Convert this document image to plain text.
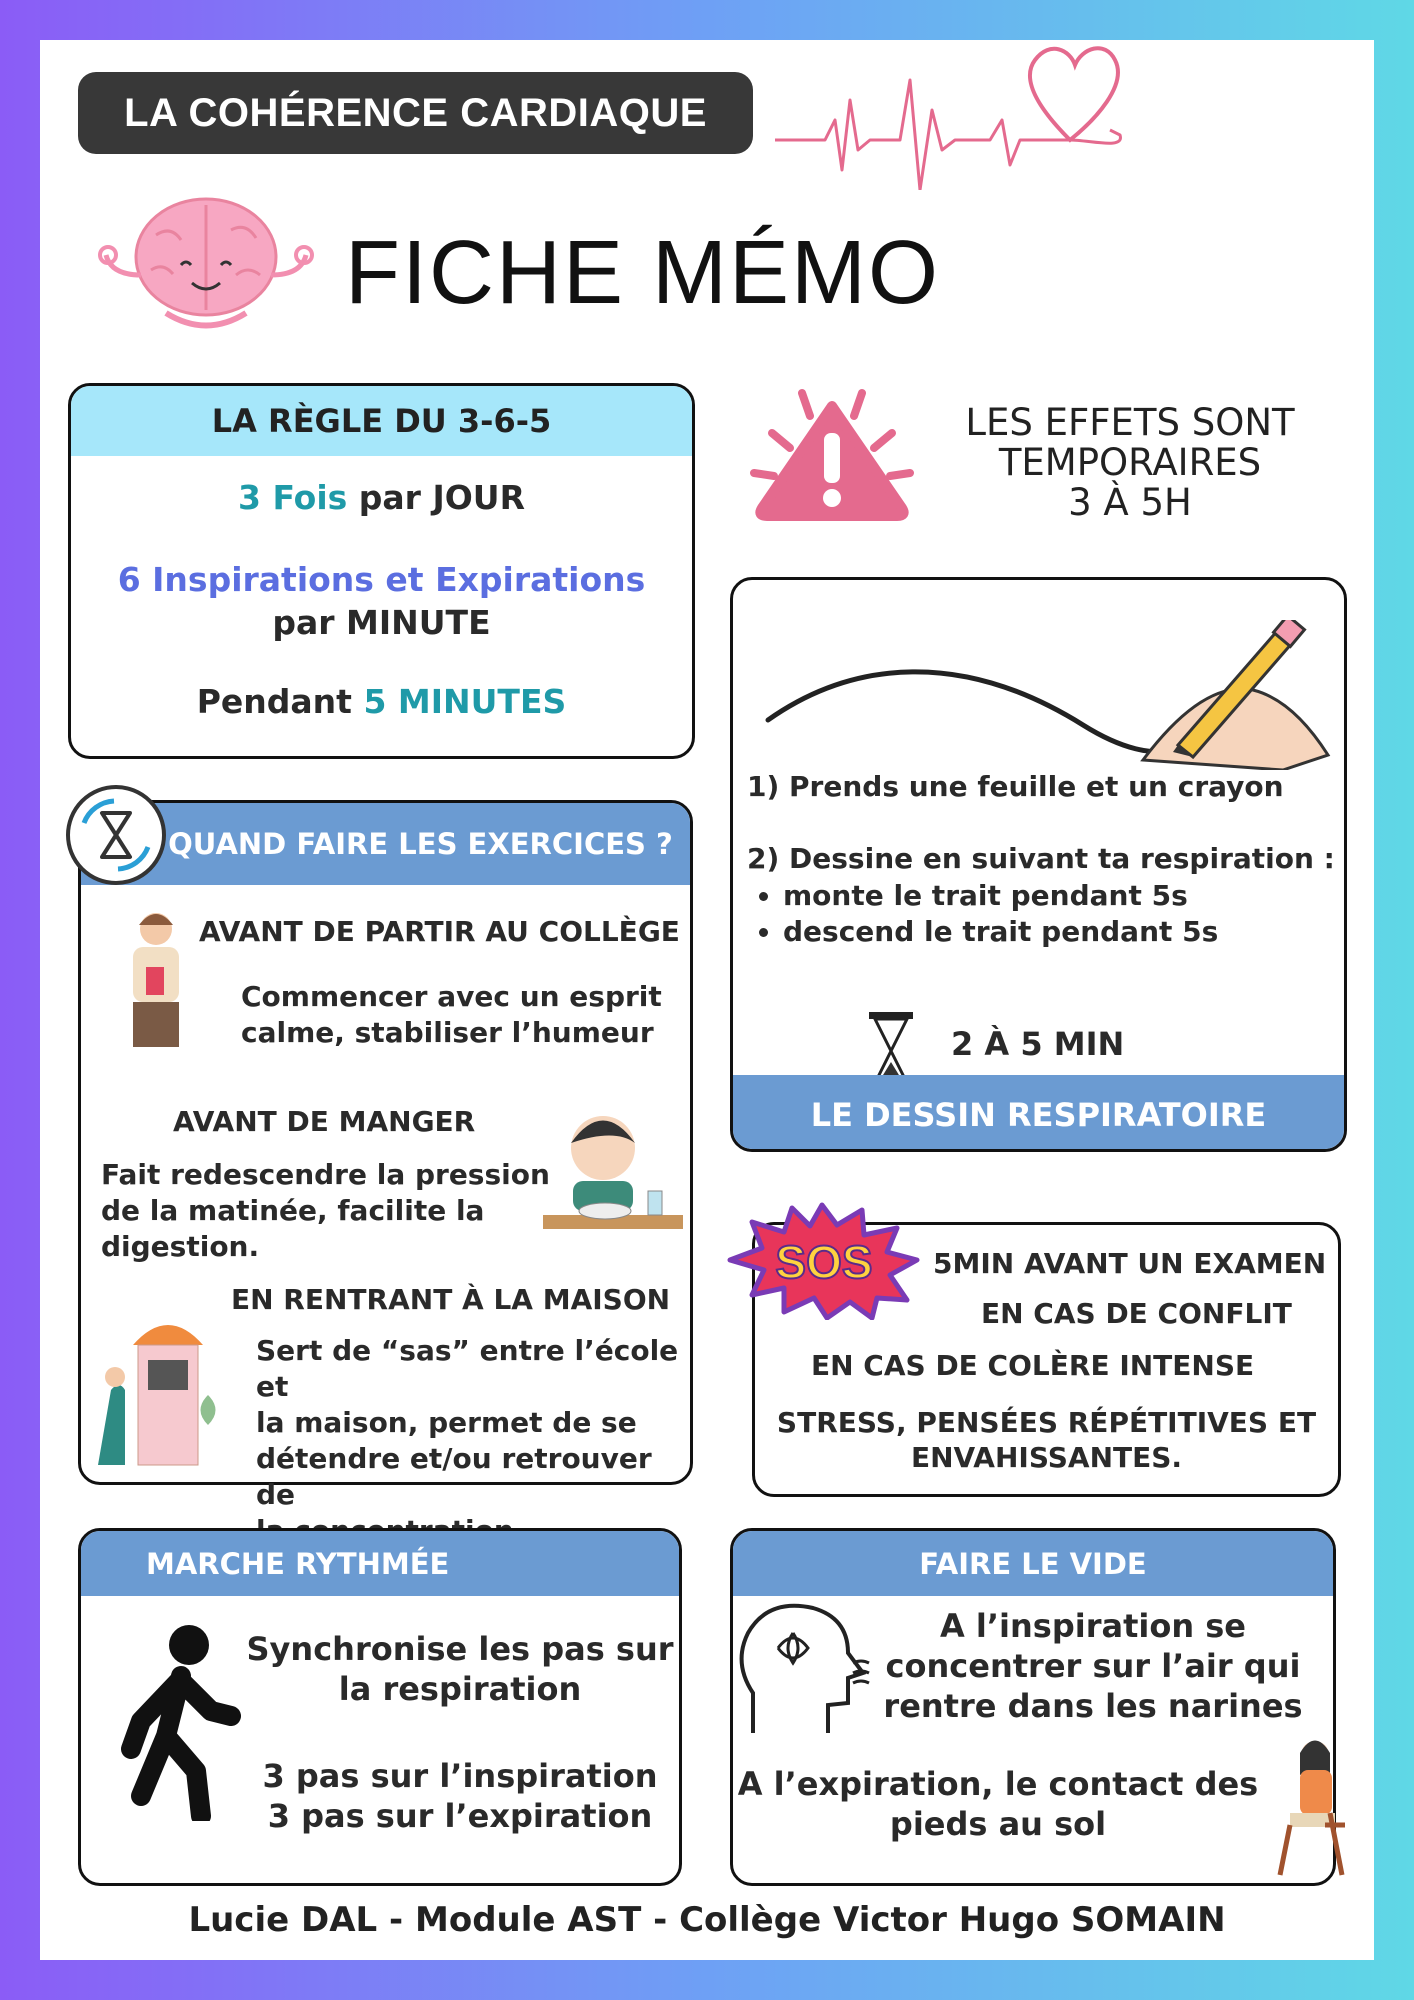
LA COHÉRENCE CARDIAQUE
FICHE MÉMO
LA RÈGLE DU 3-6-5
3 Fois par JOUR
6 Inspirations et Expirations
par MINUTE
Pendant 5 MINUTES
LES EFFETS SONT
TEMPORAIRES
3 À 5H
QUAND FAIRE LES EXERCICES ?
AVANT DE PARTIR AU COLLÈGE
Commencer avec un esprit
calme, stabiliser l’humeur
AVANT DE MANGER
Fait redescendre la pression
de la matinée, facilite la
digestion.
EN RENTRANT À LA MAISON
Sert de “sas” entre l’école et
la maison, permet de se
détendre et/ou retrouver de
1) Prends une feuille et un crayon
2) Dessine en suivant ta respiration :
• monte le trait pendant 5s
• descend le trait pendant 5s
2 À 5 MIN
LE DESSIN RESPIRATOIRE
5MIN AVANT UN EXAMEN
EN CAS DE CONFLIT
EN CAS DE COLÈRE INTENSE
STRESS, PENSÉES RÉPÉTITIVES ET
ENVAHISSANTES.
SOS
MARCHE RYTHMÉE
Synchronise les pas sur
la respiration
3 pas sur l’inspiration
3 pas sur l’expiration
FAIRE LE VIDE
A l’inspiration se
concentrer sur l’air qui
rentre dans les narines
A l’expiration, le contact des
pieds au sol
Lucie DAL - Module AST - Collège Victor Hugo SOMAIN
